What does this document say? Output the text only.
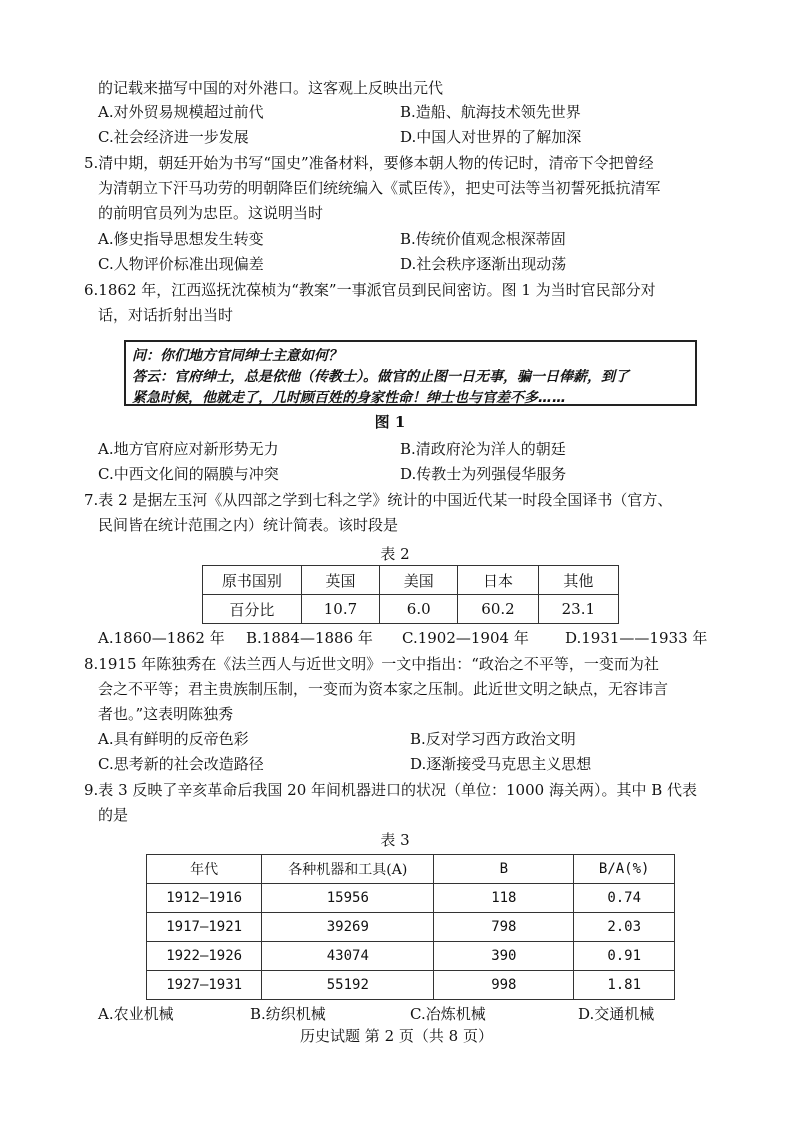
的记载来描写中国的对外港口。这客观上反映出元代
A.对外贸易规模超过前代	B.造船、航海技术领先世界
C.社会经济进一步发展	D.中国人对世界的了解加深
5.清中期，朝廷开始为书写“国史”准备材料，要修本朝人物的传记时，清帝下令把曾经
为清朝立下汗马功劳的明朝降臣们统统编入《贰臣传》，把史可法等当初誓死抵抗清军
的前明官员列为忠臣。这说明当时
A.修史指导思想发生转变	B.传统价值观念根深蒂固
C.人物评价标准出现偏差	D.社会秩序逐渐出现动荡
6.1862 年，江西巡抚沈葆桢为“教案”一事派官员到民间密访。图 1 为当时官民部分对
话，对话折射出当时
问：你们地方官同绅士主意如何？
答云：官府绅士，总是依他（传教士）。做官的止图一日无事，骗一日俸薪，到了
紧急时候，他就走了，几时顾百姓的身家性命！绅士也与官差不多……
图 1
A.地方官府应对新形势无力	B.清政府沦为洋人的朝廷
C.中西文化间的隔膜与冲突	D.传教士为列强侵华服务
7.表 2 是据左玉河《从四部之学到七科之学》统计的中国近代某一时段全国译书（官方、
民间皆在统计范围之内）统计简表。该时段是
表 2
原书国别	英国	美国	日本	其他
百分比	10.7	6.0	60.2	23.1
A.1860—1862 年 B.1884—1886 年 C.1902—1904 年 D.1931——1933 年
8.1915 年陈独秀在《法兰西人与近世文明》一文中指出：“政治之不平等，一变而为社
会之不平等；君主贵族制压制，一变而为资本家之压制。此近世文明之缺点，无容讳言
者也。”这表明陈独秀
A.具有鲜明的反帝色彩	B.反对学习西方政治文明
C.思考新的社会改造路径	D.逐渐接受马克思主义思想
9.表 3 反映了辛亥革命后我国 20 年间机器进口的状况（单位：1000 海关两）。其中 B 代表
的是
表 3
年代	各种机器和工具(A)	B	B/A(%)
1912—1916	15956	118	0.74
1917—1921	39269	798	2.03
1922—1926	43074	390	0.91
1927—1931	55192	998	1.81
A.农业机械	B.纺织机械	C.冶炼机械	D.交通机械
历史试题 第 2 页（共 8 页）
